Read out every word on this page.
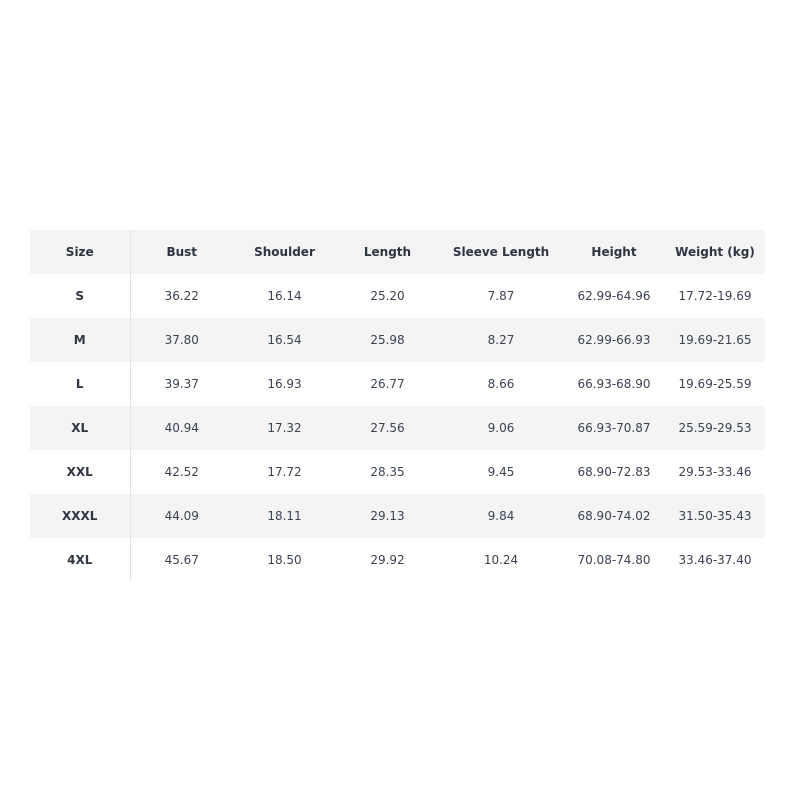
Size	Bust	Shoulder	Length	Sleeve Length	Height	Weight (kg)
S	36.22	16.14	25.20	7.87	62.99-64.96	17.72-19.69
M	37.80	16.54	25.98	8.27	62.99-66.93	19.69-21.65
L	39.37	16.93	26.77	8.66	66.93-68.90	19.69-25.59
XL	40.94	17.32	27.56	9.06	66.93-70.87	25.59-29.53
XXL	42.52	17.72	28.35	9.45	68.90-72.83	29.53-33.46
XXXL	44.09	18.11	29.13	9.84	68.90-74.02	31.50-35.43
4XL	45.67	18.50	29.92	10.24	70.08-74.80	33.46-37.40
